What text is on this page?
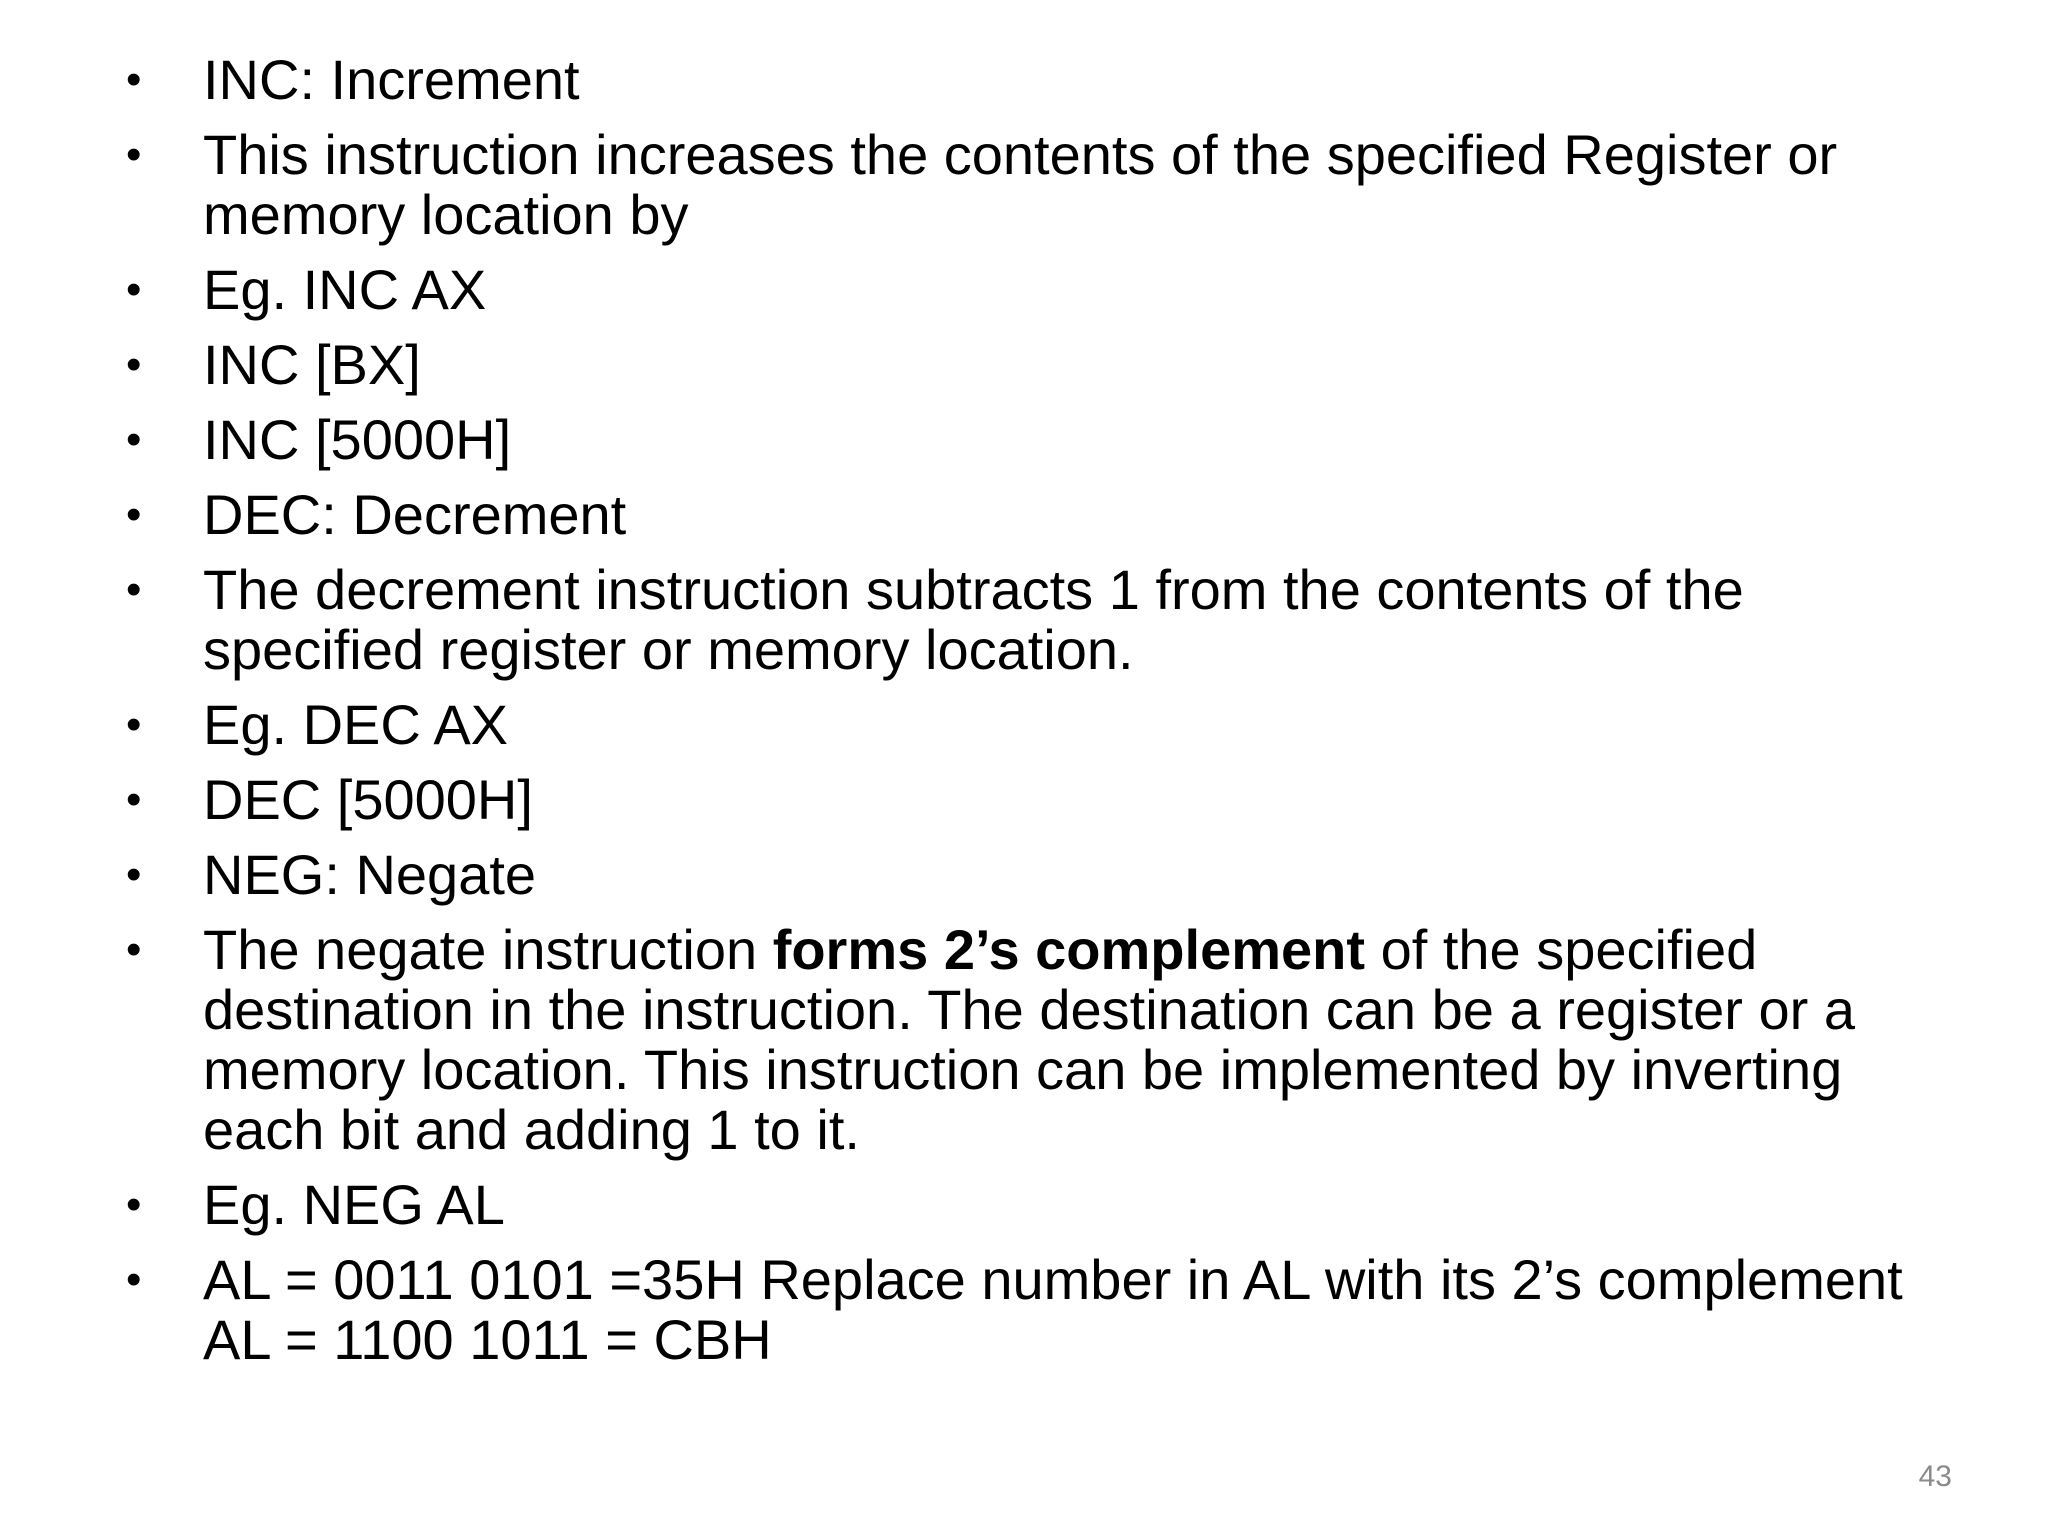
• INC: Increment
• This instruction increases the contents of the specified Register or memory location by
• Eg. INC AX
• INC [BX]
• INC [5000H]
• DEC: Decrement
• The decrement instruction subtracts 1 from the contents of the specified register or memory location.
• Eg. DEC AX
• DEC [5000H]
• NEG: Negate
• The negate instruction forms 2’s complement of the specified destination in the instruction. The destination can be a register or a memory location. This instruction can be implemented by inverting each bit and adding 1 to it.
• Eg. NEG AL
• AL = 0011 0101 =35H Replace number in AL with its 2’s complement AL = 1100 1011 = CBH
43
